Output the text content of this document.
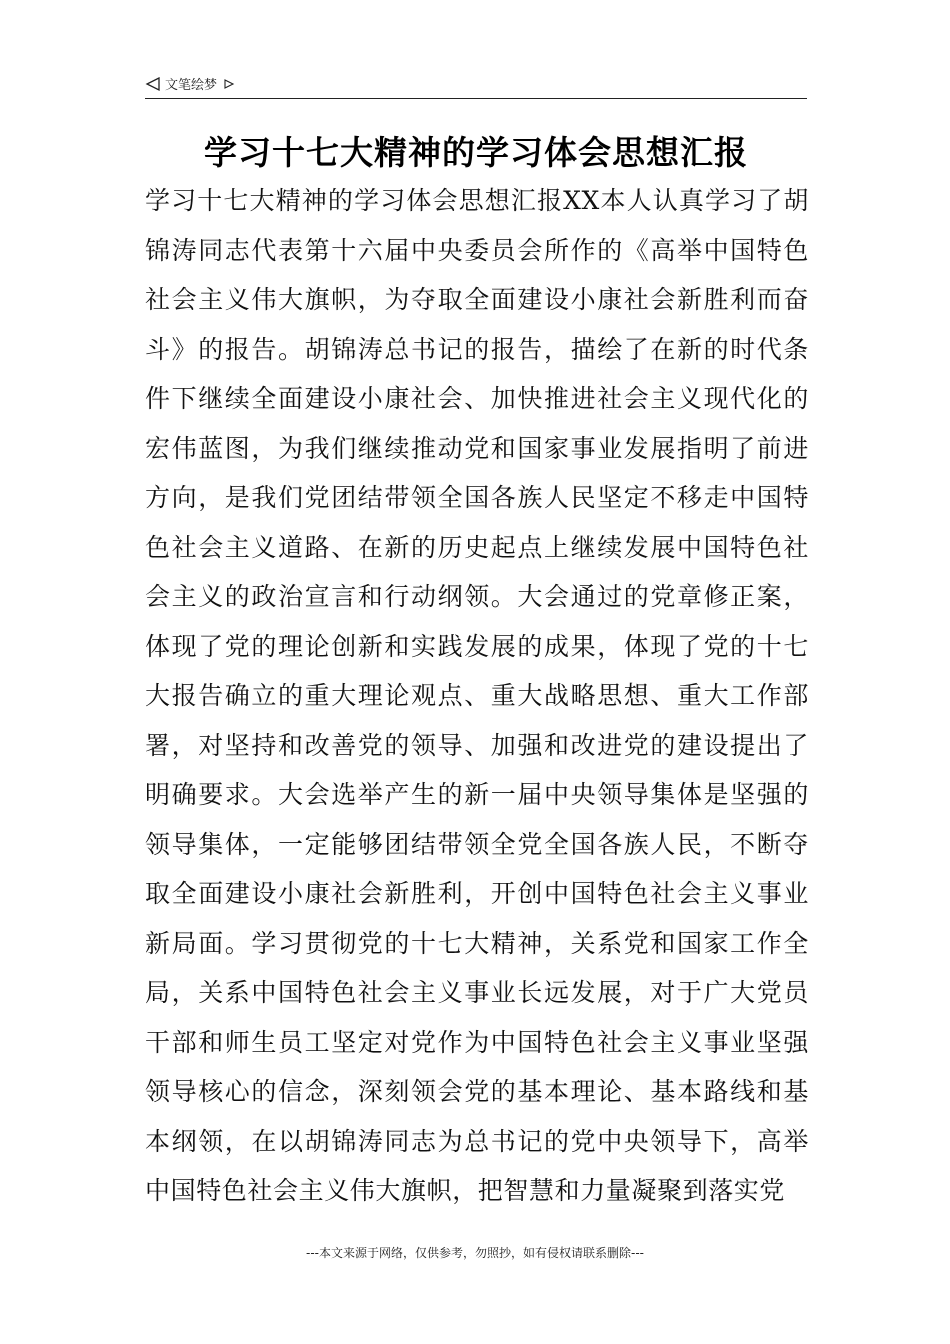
文笔绘梦
学习十七大精神的学习体会思想汇报

学习十七大精神的学习体会思想汇报XX本人认真学习了胡锦涛同志代表第十六届中央委员会所作的《高举中国特色社会主义伟大旗帜，为夺取全面建设小康社会新胜利而奋斗》的报告。胡锦涛总书记的报告，描绘了在新的时代条件下继续全面建设小康社会、加快推进社会主义现代化的宏伟蓝图，为我们继续推动党和国家事业发展指明了前进方向，是我们党团结带领全国各族人民坚定不移走中国特色社会主义道路、在新的历史起点上继续发展中国特色社会主义的政治宣言和行动纲领。大会通过的党章修正案，体现了党的理论创新和实践发展的成果，体现了党的十七大报告确立的重大理论观点、重大战略思想、重大工作部署，对坚持和改善党的领导、加强和改进党的建设提出了明确要求。大会选举产生的新一届中央领导集体是坚强的领导集体，一定能够团结带领全党全国各族人民，不断夺取全面建设小康社会新胜利，开创中国特色社会主义事业新局面。学习贯彻党的十七大精神，关系党和国家工作全局，关系中国特色社会主义事业长远发展，对于广大党员干部和师生员工坚定对党作为中国特色社会主义事业坚强领导核心的信念，深刻领会党的基本理论、基本路线和基本纲领，在以胡锦涛同志为总书记的党中央领导下，高举中国特色社会主义伟大旗帜，把智慧和力量凝聚到落实党

---本文来源于网络，仅供参考，勿照抄，如有侵权请联系删除---
